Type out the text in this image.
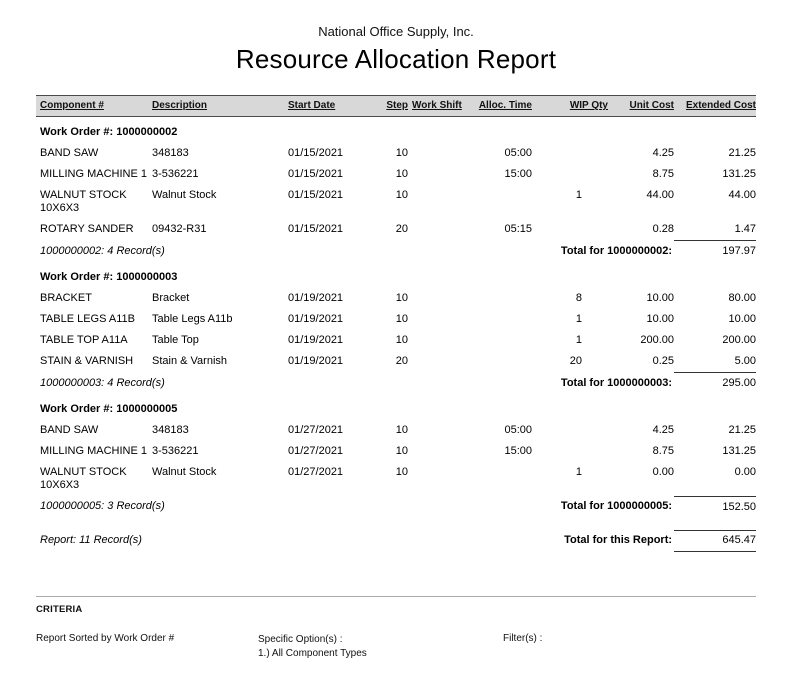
National Office Supply, Inc.
Resource Allocation Report
Component #	Description	Start Date	Step	Work Shift	Alloc. Time	WIP Qty	Unit Cost	Extended Cost
Work Order #: 1000000002								
BAND SAW	348183	01/15/2021	10		05:00		4.25	21.25
MILLING MACHINE 1	3-536221	01/15/2021	10		15:00		8.75	131.25
WALNUT STOCK 10X6X3	Walnut Stock	01/15/2021	10			1	44.00	44.00
ROTARY SANDER	09432-R31	01/15/2021	20		05:15		0.28	1.47
1000000002: 4 Record(s)			Total for 1000000002:					197.97
Work Order #: 1000000003								
BRACKET	Bracket	01/19/2021	10			8	10.00	80.00
TABLE LEGS A11B	Table Legs A11b	01/19/2021	10			1	10.00	10.00
TABLE TOP A11A	Table Top	01/19/2021	10			1	200.00	200.00
STAIN & VARNISH	Stain & Varnish	01/19/2021	20			20	0.25	5.00
1000000003: 4 Record(s)			Total for 1000000003:					295.00
Work Order #: 1000000005								
BAND SAW	348183	01/27/2021	10		05:00		4.25	21.25
MILLING MACHINE 1	3-536221	01/27/2021	10		15:00		8.75	131.25
WALNUT STOCK 10X6X3	Walnut Stock	01/27/2021	10			1	0.00	0.00
1000000005: 3 Record(s)			Total for 1000000005:					152.50
Report: 11 Record(s)	Total for this Report:	645.47
CRITERIA
Report Sorted by Work Order #	Specific Option(s) :
1.) All Component Types
Filter(s) :
